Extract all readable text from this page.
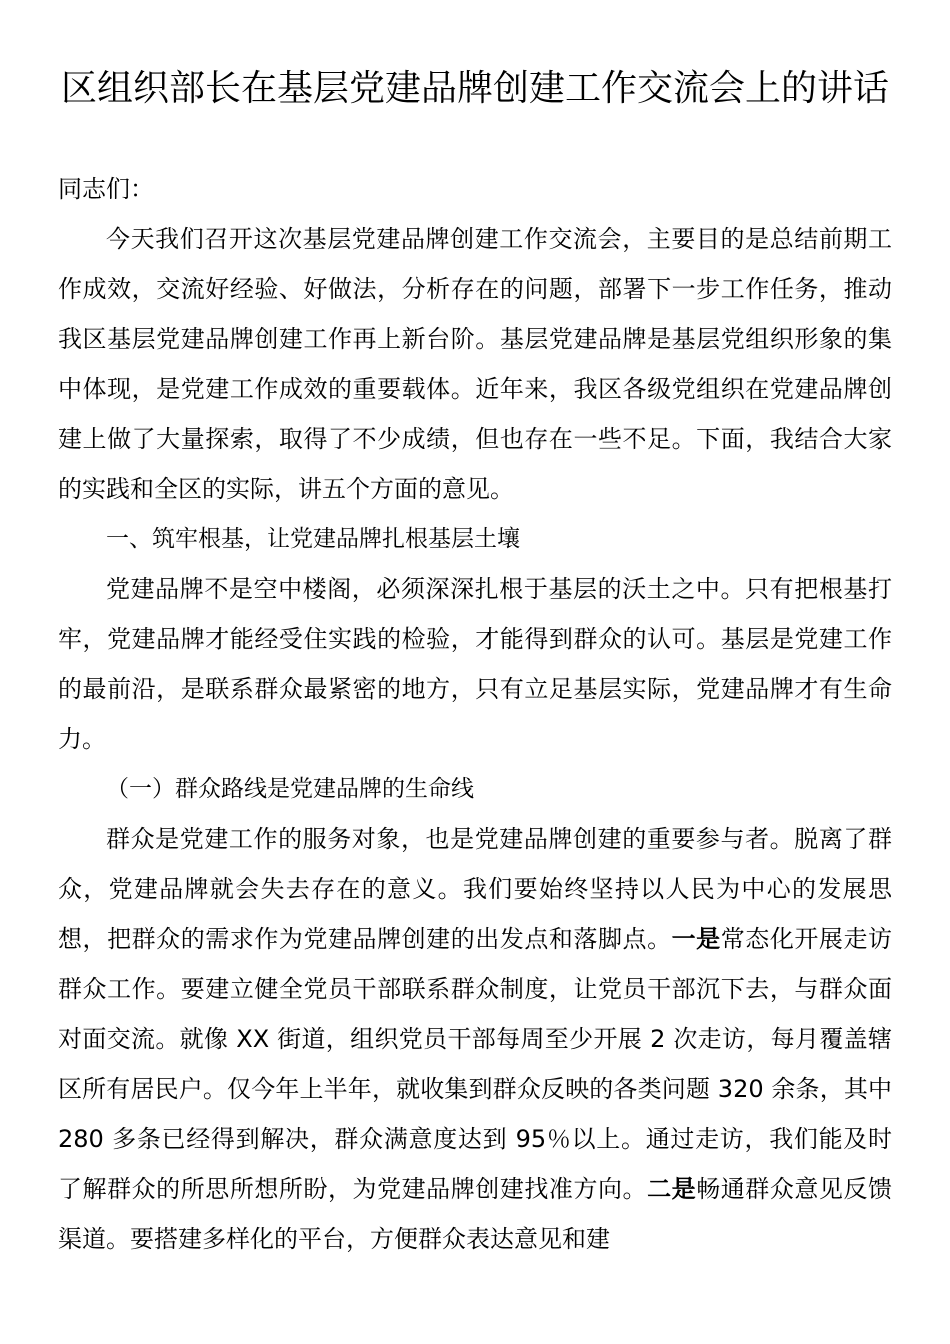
区组织部长在基层党建品牌创建工作交流会上的讲话

同志们：

今天我们召开这次基层党建品牌创建工作交流会，主要目的是总结前期工作成效，交流好经验、好做法，分析存在的问题，部署下一步工作任务，推动我区基层党建品牌创建工作再上新台阶。基层党建品牌是基层党组织形象的集中体现，是党建工作成效的重要载体。近年来，我区各级党组织在党建品牌创建上做了大量探索，取得了不少成绩，但也存在一些不足。下面，我结合大家的实践和全区的实际，讲五个方面的意见。

一、筑牢根基，让党建品牌扎根基层土壤

党建品牌不是空中楼阁，必须深深扎根于基层的沃土之中。只有把根基打牢，党建品牌才能经受住实践的检验，才能得到群众的认可。基层是党建工作的最前沿，是联系群众最紧密的地方，只有立足基层实际，党建品牌才有生命力。

（一）群众路线是党建品牌的生命线

群众是党建工作的服务对象，也是党建品牌创建的重要参与者。脱离了群众，党建品牌就会失去存在的意义。我们要始终坚持以人民为中心的发展思想，把群众的需求作为党建品牌创建的出发点和落脚点。一是常态化开展走访群众工作。要建立健全党员干部联系群众制度，让党员干部沉下去，与群众面对面交流。就像 XX 街道，组织党员干部每周至少开展 2 次走访，每月覆盖辖区所有居民户。仅今年上半年，就收集到群众反映的各类问题 320 余条，其中 280 多条已经得到解决，群众满意度达到 95％以上。通过走访，我们能及时了解群众的所思所想所盼，为党建品牌创建找准方向。二是畅通群众意见反馈渠道。要搭建多样化的平台，方便群众表达意见和建
